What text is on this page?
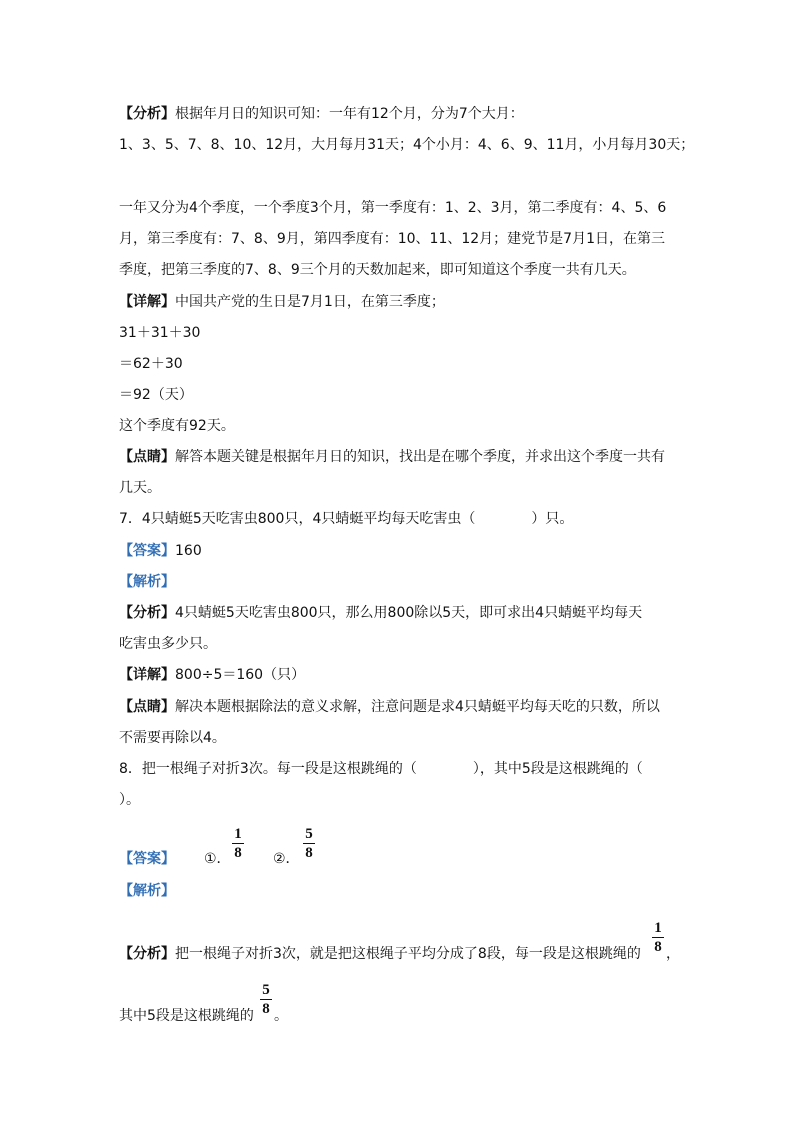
【分析】根据年月日的知识可知：一年有12个月，分为7个大月：
1、3、5、7、8、10、12月，大月每月31天；4个小月：4、6、9、11月，小月每月30天；
一年又分为4个季度，一个季度3个月，第一季度有：1、2、3月，第二季度有：4、5、6
月，第三季度有：7、8、9月，第四季度有：10、11、12月；建党节是7月1日，在第三
季度，把第三季度的7、8、9三个月的天数加起来，即可知道这个季度一共有几天。
【详解】中国共产党的生日是7月1日，在第三季度；
31＋31＋30
＝62＋30
＝92（天）
这个季度有92天。
【点睛】解答本题关键是根据年月日的知识，找出是在哪个季度，并求出这个季度一共有
几天。
7．4只蜻蜓5天吃害虫800只，4只蜻蜓平均每天吃害虫（　　　　）只。
【答案】160
【解析】
【分析】4只蜻蜓5天吃害虫800只，那么用800除以5天，即可求出4只蜻蜓平均每天
吃害虫多少只。
【详解】800÷5＝160（只）
【点睛】解决本题根据除法的意义求解，注意问题是求4只蜻蜓平均每天吃的只数，所以
不需要再除以4。
8．把一根绳子对折3次。每一段是这根跳绳的（　　　　），其中5段是这根跳绳的（
）。
【答案】 ①．
1
8 ②．
5
8
【解析】
【分析】把一根绳子对折3次，就是把这根绳子平均分成了8段，每一段是这根跳绳的
1
8 ，
其中5段是这根跳绳的
5
8 。
